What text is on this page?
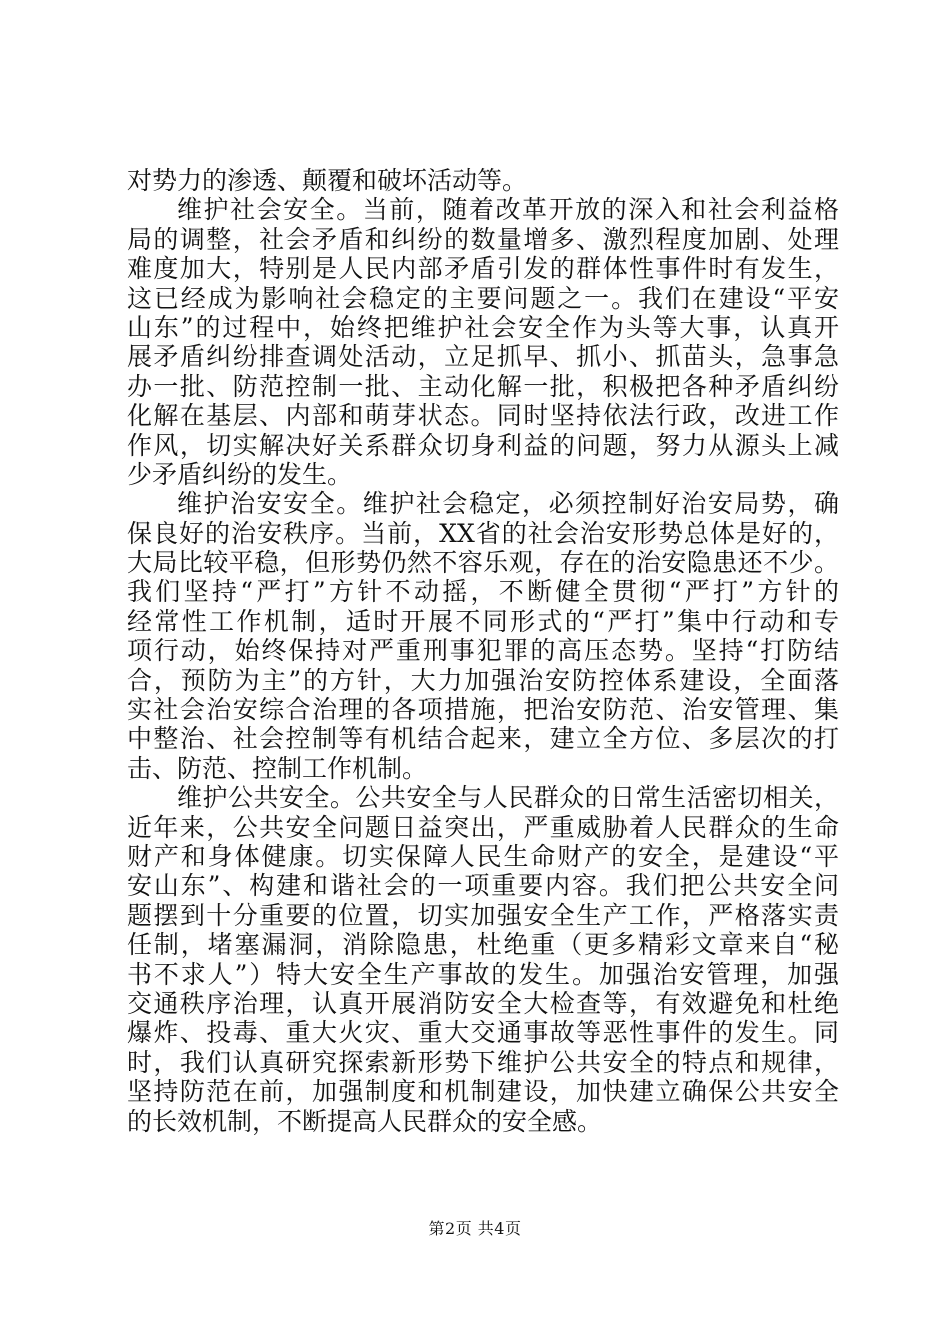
对势力的渗透、颠覆和破坏活动等。
维护社会安全。当前，随着改革开放的深入和社会利益格
局的调整，社会矛盾和纠纷的数量增多、激烈程度加剧、处理
难度加大，特别是人民内部矛盾引发的群体性事件时有发生，
这已经成为影响社会稳定的主要问题之一。我们在建设“平安
山东”的过程中，始终把维护社会安全作为头等大事，认真开
展矛盾纠纷排查调处活动，立足抓早、抓小、抓苗头，急事急
办一批、防范控制一批、主动化解一批，积极把各种矛盾纠纷
化解在基层、内部和萌芽状态。同时坚持依法行政，改进工作
作风，切实解决好关系群众切身利益的问题，努力从源头上减
少矛盾纠纷的发生。
维护治安安全。维护社会稳定，必须控制好治安局势，确
保良好的治安秩序。当前，XX省的社会治安形势总体是好的，
大局比较平稳，但形势仍然不容乐观，存在的治安隐患还不少。
我们坚持“严打”方针不动摇，不断健全贯彻“严打”方针的
经常性工作机制，适时开展不同形式的“严打”集中行动和专
项行动，始终保持对严重刑事犯罪的高压态势。坚持“打防结
合，预防为主”的方针，大力加强治安防控体系建设，全面落
实社会治安综合治理的各项措施，把治安防范、治安管理、集
中整治、社会控制等有机结合起来，建立全方位、多层次的打
击、防范、控制工作机制。
维护公共安全。公共安全与人民群众的日常生活密切相关，
近年来，公共安全问题日益突出，严重威胁着人民群众的生命
财产和身体健康。切实保障人民生命财产的安全，是建设“平
安山东”、构建和谐社会的一项重要内容。我们把公共安全问
题摆到十分重要的位置，切实加强安全生产工作，严格落实责
任制，堵塞漏洞，消除隐患，杜绝重（更多精彩文章来自“秘
书不求人”）特大安全生产事故的发生。加强治安管理，加强
交通秩序治理，认真开展消防安全大检查等，有效避免和杜绝
爆炸、投毒、重大火灾、重大交通事故等恶性事件的发生。同
时，我们认真研究探索新形势下维护公共安全的特点和规律，
坚持防范在前，加强制度和机制建设，加快建立确保公共安全
的长效机制，不断提高人民群众的安全感。
第2页 共4页
